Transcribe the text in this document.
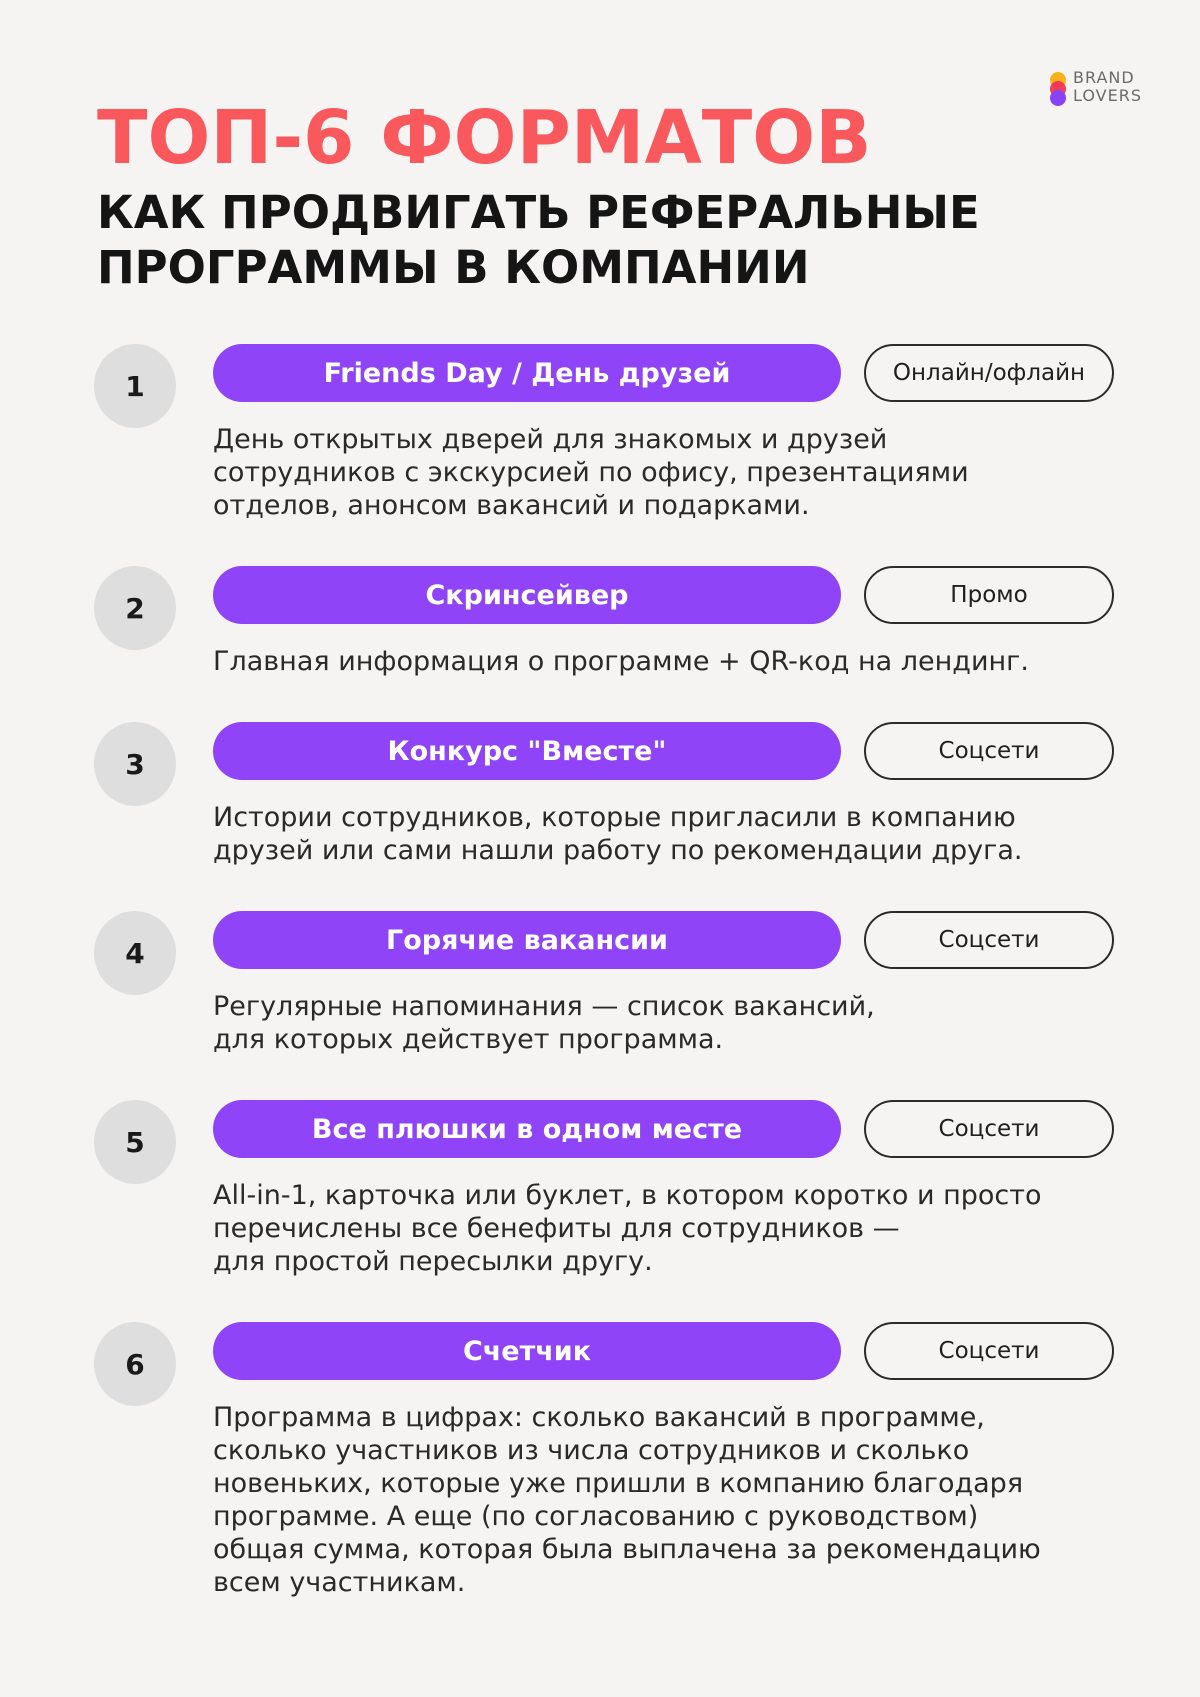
BRAND
LOVERS
ТОП-6 ФОРМАТОВ
КАК ПРОДВИГАТЬ РЕФЕРАЛЬНЫЕ ПРОГРАММЫ В КОМПАНИИ
1	Friends Day / День друзей	Онлайн/офлайн

День открытых дверей для знакомых и друзей
сотрудников с экскурсией по офису, презентациями
отделов, анонсом вакансий и подарками.

2	Скринсейвер	Промо

Главная информация о программе + QR-код на лендинг.

3	Конкурс "Вместе"	Соцсети

Истории сотрудников, которые пригласили в компанию
друзей или сами нашли работу по рекомендации друга.

4	Горячие вакансии	Соцсети

Регулярные напоминания — список вакансий,
для которых действует программа.

5	Все плюшки в одном месте	Соцсети

All-in-1, карточка или буклет, в котором коротко и просто
перечислены все бенефиты для сотрудников —
для простой пересылки другу.

6	Счетчик	Соцсети

Программа в цифрах: сколько вакансий в программе,
сколько участников из числа сотрудников и сколько
новеньких, которые уже пришли в компанию благодаря
программе. А еще (по согласованию с руководством)
общая сумма, которая была выплачена за рекомендацию
всем участникам.
